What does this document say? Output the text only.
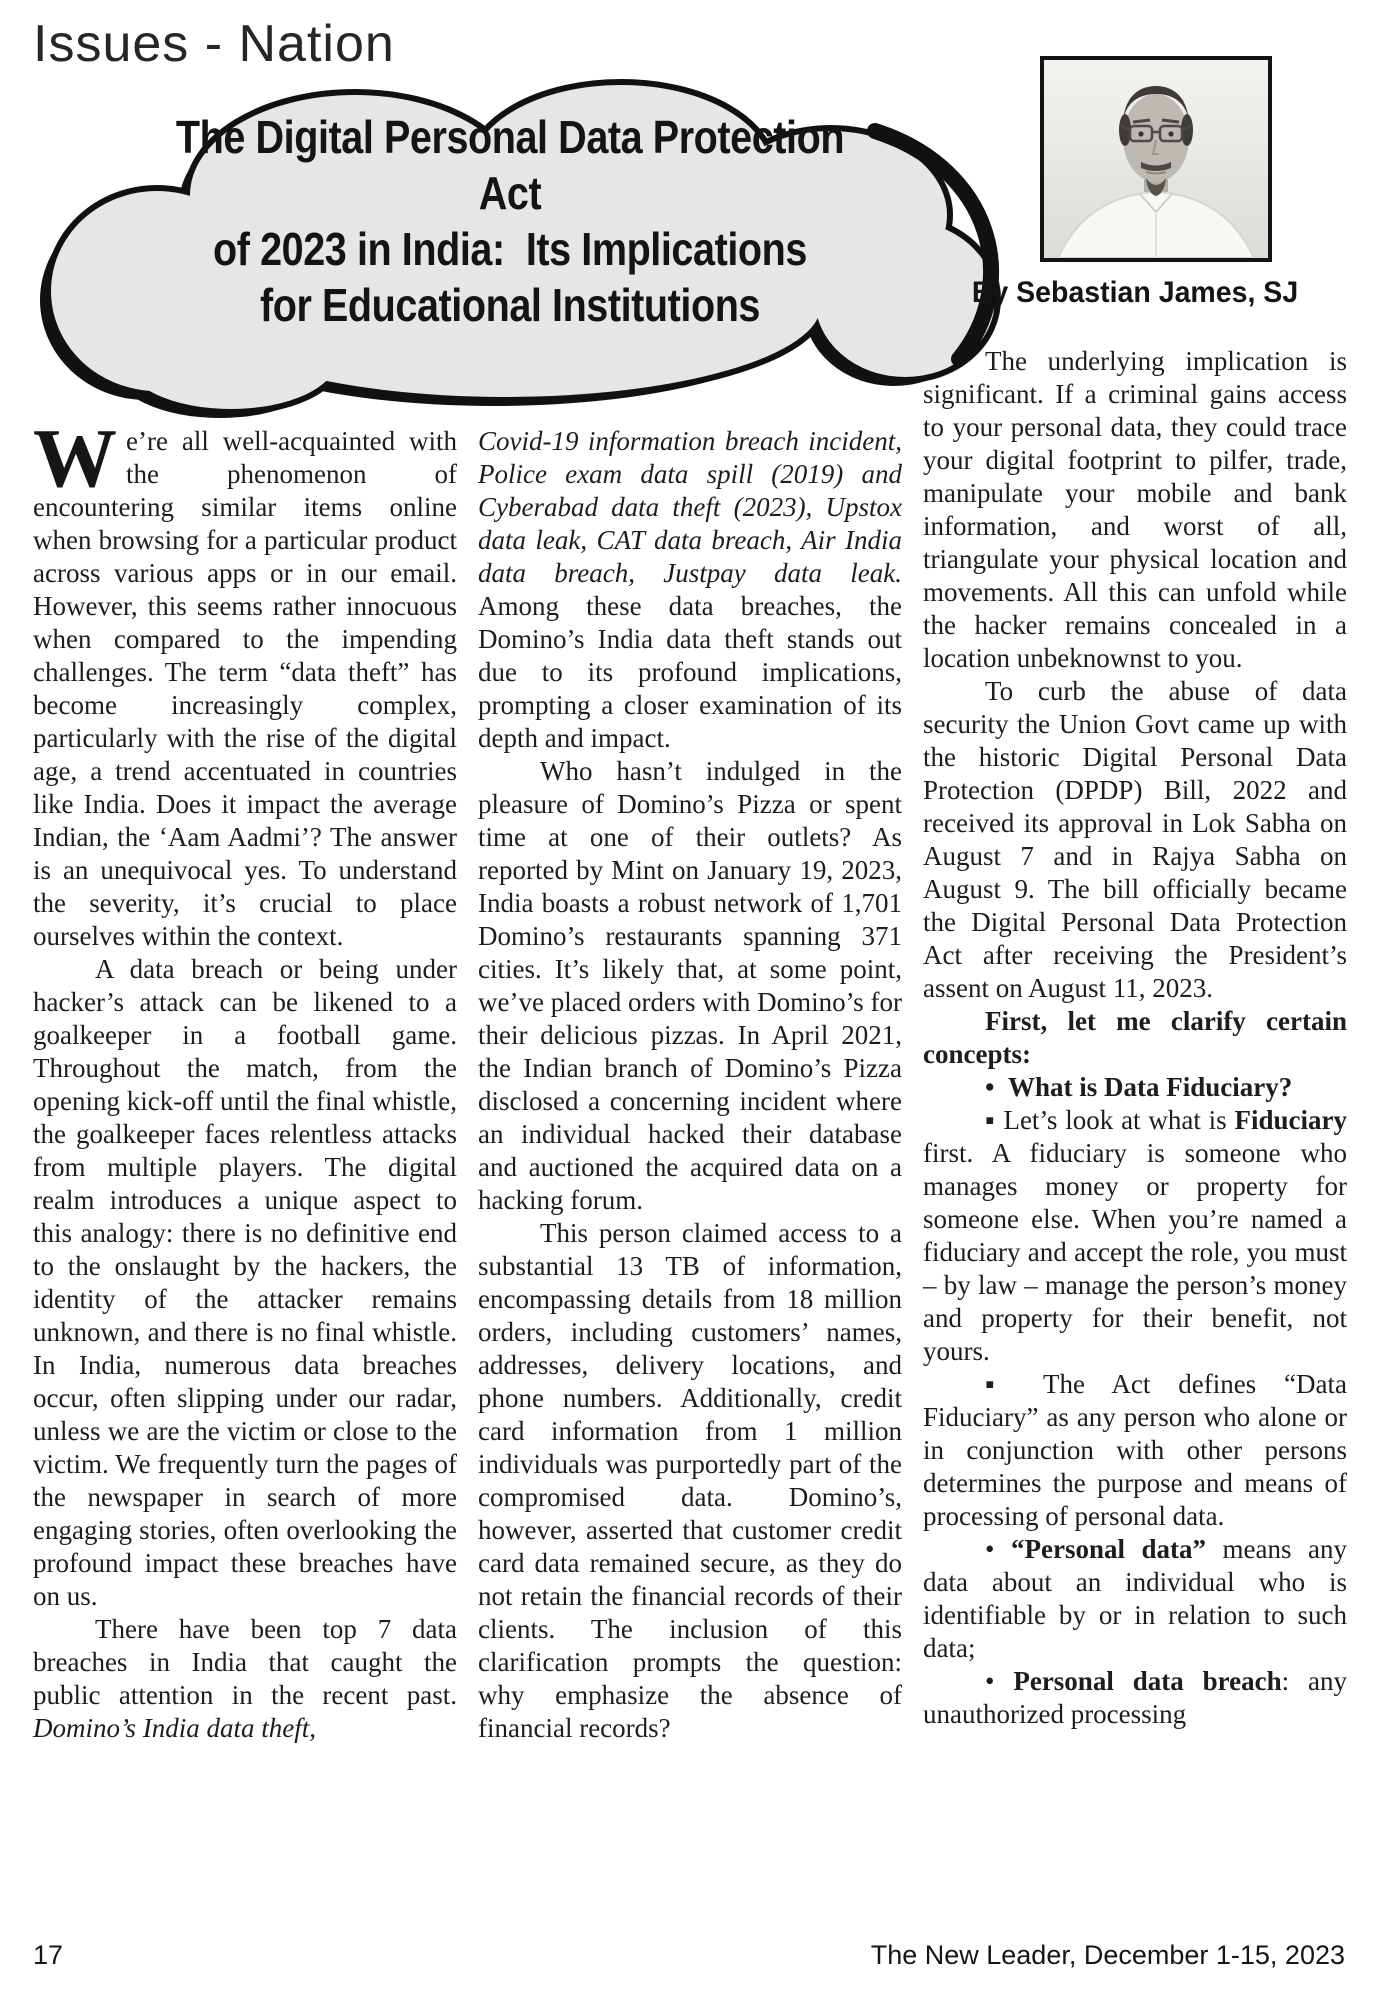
Issues - Nation
The Digital Personal Data Protection Act
of 2023 in India:  Its Implications
for Educational Institutions	By Sebastian James, SJ

We’re all well-acquainted with the phenomenon of encountering similar items online when browsing for a particular product across various apps or in our email. However, this seems rather innocuous when compared to the impending challenges. The term “data theft” has become increasingly complex, particularly with the rise of the digital age, a trend accentuated in countries like India. Does it impact the average Indian, the ‘Aam Aadmi’? The answer is an unequivocal yes. To understand the severity, it’s crucial to place ourselves within the context.

A data breach or being under hacker’s attack can be likened to a goalkeeper in a football game. Throughout the match, from the opening kick-off until the final whistle, the goalkeeper faces relentless attacks from multiple players. The digital realm introduces a unique aspect to this analogy: there is no definitive end to the onslaught by the hackers, the identity of the attacker remains unknown, and there is no final whistle. In India, numerous data breaches occur, often slipping under our radar, unless we are the victim or close to the victim. We frequently turn the pages of the newspaper in search of more engaging stories, often overlooking the profound impact these breaches have on us.

There have been top 7 data breaches in India that caught the public attention in the recent past. Domino’s India data theft,

Covid-19 information breach incident, Police exam data spill (2019) and Cyberabad data theft (2023), Upstox data leak, CAT data breach, Air India data breach, Justpay data leak. Among these data breaches, the Domino’s India data theft stands out due to its profound implications, prompting a closer examination of its depth and impact.

Who hasn’t indulged in the pleasure of Domino’s Pizza or spent time at one of their outlets? As reported by Mint on January 19, 2023, India boasts a robust network of 1,701 Domino’s restaurants spanning 371 cities. It’s likely that, at some point, we’ve placed orders with Domino’s for their delicious pizzas. In April 2021, the Indian branch of Domino’s Pizza disclosed a concerning incident where an individual hacked their database and auctioned the acquired data on a hacking forum.

This person claimed access to a substantial 13 TB of information, encompassing details from 18 million orders, including customers’ names, addresses, delivery locations, and phone numbers. Additionally, credit card information from 1 million individuals was purportedly part of the compromised data. Domino’s, however, asserted that customer credit card data remained secure, as they do not retain the financial records of their clients. The inclusion of this clarification prompts the question: why emphasize the absence of financial records?

The underlying implication is significant. If a criminal gains access to your personal data, they could trace your digital footprint to pilfer, trade, manipulate your mobile and bank information, and worst of all, triangulate your physical location and movements. All this can unfold while the hacker remains concealed in a location unbeknownst to you.

To curb the abuse of data security the Union Govt came up with the historic Digital Personal Data Protection (DPDP) Bill, 2022 and received its approval in Lok Sabha on August 7 and in Rajya Sabha on August 9. The bill officially became the Digital Personal Data Protection Act after receiving the President’s assent on August 11, 2023.

First, let me clarify certain concepts:

•  What is Data Fiduciary?

▪ Let’s look at what is Fiduciary first. A fiduciary is someone who manages money or property for someone else. When you’re named a fiduciary and accept the role, you must – by law – manage the person’s money and property for their benefit, not yours.

▪ The Act defines “Data Fiduciary” as any person who alone or in conjunction with other persons determines the purpose and means of processing of personal data.

• “Personal data” means any data about an individual who is identifiable by or in relation to such data;

• Personal data breach: any unauthorized processing

17	The New Leader, December 1-15, 2023
